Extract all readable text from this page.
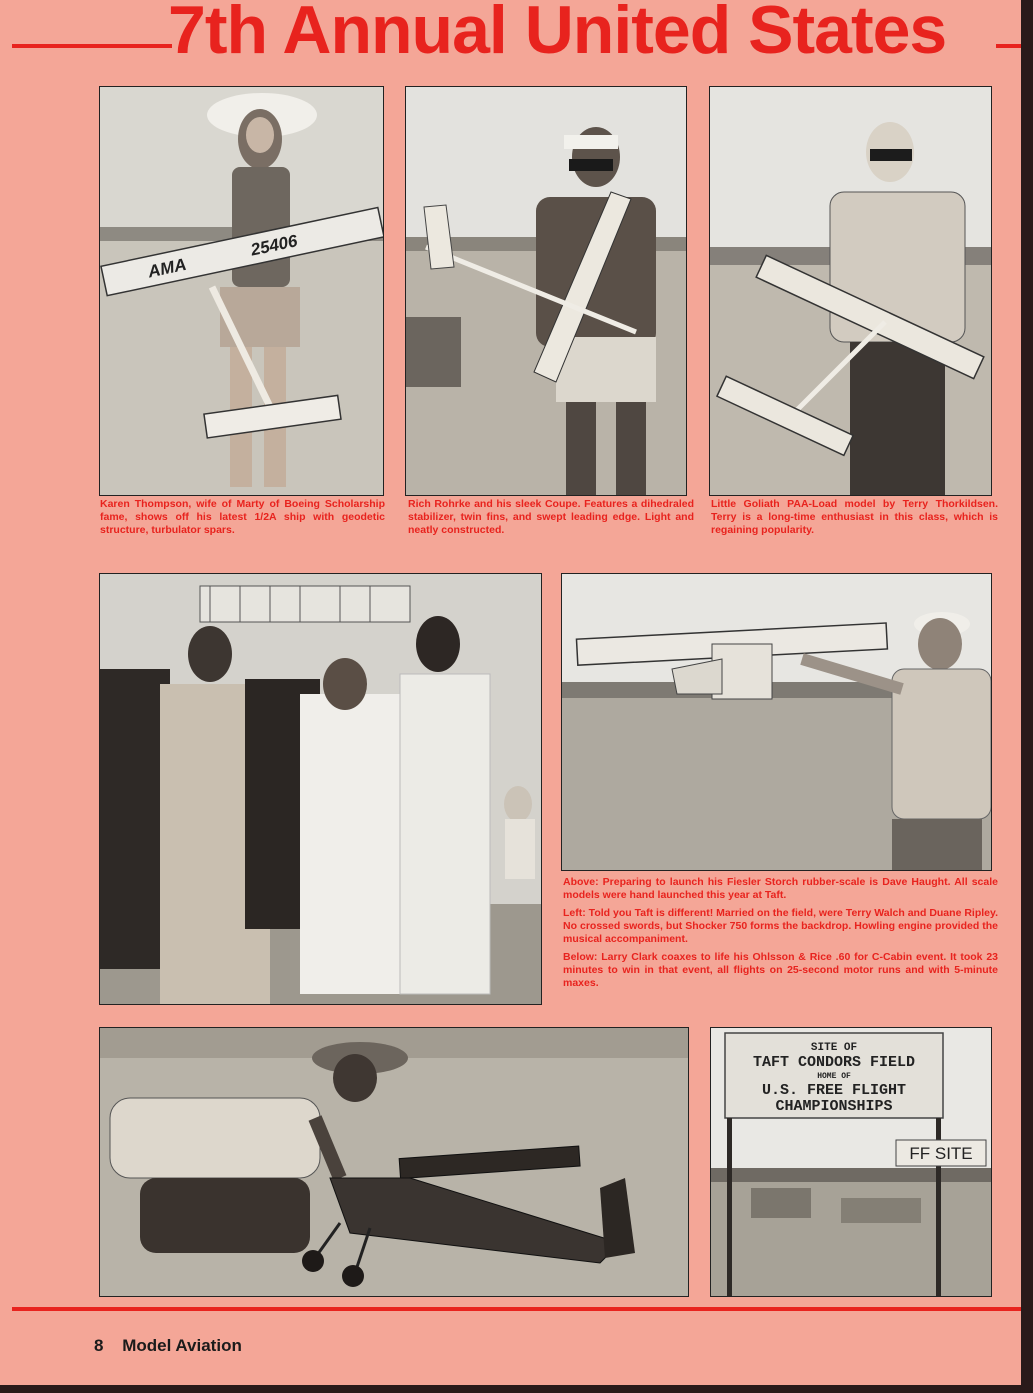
7th Annual United States
AMA
25406

Karen Thompson, wife of Marty of Boeing Scholarship fame, shows off his latest 1/2A ship with geodetic structure, turbulator spars.

Rich Rohrke and his sleek Coupe. Features a dihedraled stabilizer, twin fins, and swept leading edge. Light and neatly constructed.

Little Goliath PAA-Load model by Terry Thorkildsen. Terry is a long-time enthusiast in this class, which is regaining popularity.

Above: Preparing to launch his Fiesler Storch rubber-scale is Dave Haught. All scale models were hand launched this year at Taft.

Left: Told you Taft is different! Married on the field, were Terry Walch and Duane Ripley. No crossed swords, but Shocker 750 forms the backdrop. Howling engine provided the musical accompaniment.

Below: Larry Clark coaxes to life his Ohlsson & Rice .60 for C-Cabin event. It took 23 minutes to win in that event, all flights on 25-second motor runs and with 5-minute maxes.

SITE OF
TAFT CONDORS FIELD
HOME OF
U.S. FREE FLIGHT
CHAMPIONSHIPS
FF SITE
8 Model Aviation
